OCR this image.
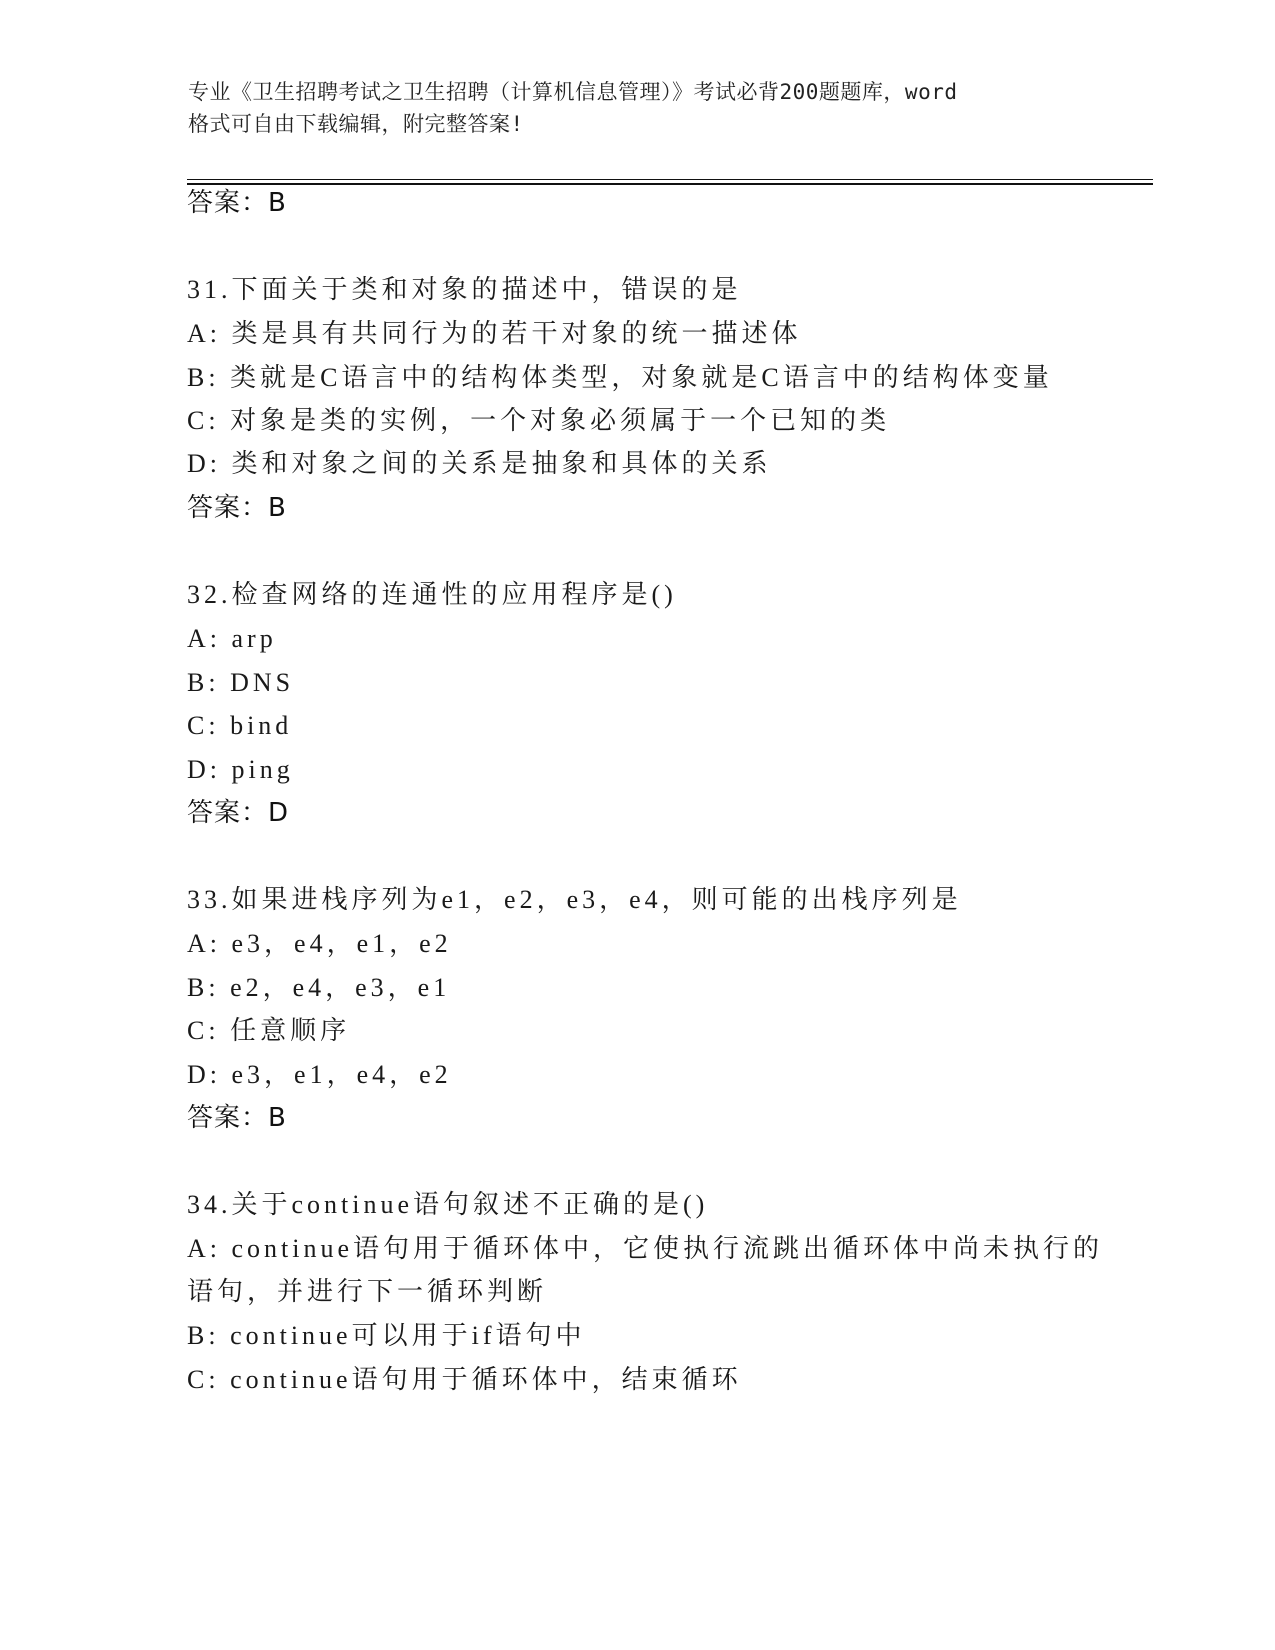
专业《卫生招聘考试之卫生招聘（计算机信息管理）》考试必背200题题库，word
格式可自由下载编辑，附完整答案!
答案：B
31.下面关于类和对象的描述中，错误的是
A: 类是具有共同行为的若干对象的统一描述体
B: 类就是C语言中的结构体类型，对象就是C语言中的结构体变量
C: 对象是类的实例，一个对象必须属于一个已知的类
D: 类和对象之间的关系是抽象和具体的关系
答案：B
32.检查网络的连通性的应用程序是()
A: arp
B: DNS
C: bind
D: ping
答案：D
33.如果进栈序列为e1，e2，e3，e4，则可能的出栈序列是
A: e3，e4，e1，e2
B: e2，e4，e3，e1
C: 任意顺序
D: e3，e1，e4，e2
答案：B
34.关于continue语句叙述不正确的是()
A: continue语句用于循环体中，它使执行流跳出循环体中尚未执行的
语句，并进行下一循环判断
B: continue可以用于if语句中
C: continue语句用于循环体中，结束循环
